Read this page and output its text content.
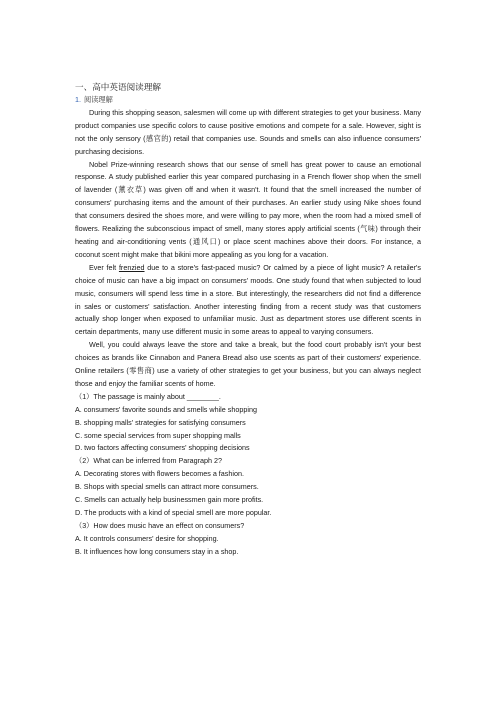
一、高中英语阅读理解
1. 阅读理解

During this shopping season, salesmen will come up with different strategies to get your business. Many product companies use specific colors to cause positive emotions and compete for a sale. However, sight is not the only sensory (感官的) retail that companies use. Sounds and smells can also influence consumers' purchasing decisions.

Nobel Prize-winning research shows that our sense of smell has great power to cause an emotional response. A study published earlier this year compared purchasing in a French flower shop when the smell of lavender (薰衣草) was given off and when it wasn't. It found that the smell increased the number of consumers' purchasing items and the amount of their purchases. An earlier study using Nike shoes found that consumers desired the shoes more, and were willing to pay more, when the room had a mixed smell of flowers. Realizing the subconscious impact of smell, many stores apply artificial scents (气味) through their heating and air-conditioning vents (通风口) or place scent machines above their doors. For instance, a coconut scent might make that bikini more appealing as you long for a vacation.

Ever felt frenzied due to a store's fast-paced music? Or calmed by a piece of light music? A retailer's choice of music can have a big impact on consumers' moods. One study found that when subjected to loud music, consumers will spend less time in a store. But interestingly, the researchers did not find a difference in sales or customers' satisfaction. Another interesting finding from a recent study was that customers actually shop longer when exposed to unfamiliar music. Just as department stores use different scents in certain departments, many use different music in some areas to appeal to varying consumers.

Well, you could always leave the store and take a break, but the food court probably isn't your best choices as brands like Cinnabon and Panera Bread also use scents as part of their customers' experience. Online retailers (零售商) use a variety of other strategies to get your business, but you can always neglect those and enjoy the familiar scents of home.

（1）The passage is mainly about ________.
A. consumers' favorite sounds and smells while shopping
B. shopping malls' strategies for satisfying consumers
C. some special services from super shopping malls
D. two factors affecting consumers' shopping decisions
（2）What can be inferred from Paragraph 2?
A. Decorating stores with flowers becomes a fashion.
B. Shops with special smells can attract more consumers.
C. Smells can actually help businessmen gain more profits.
D. The products with a kind of special smell are more popular.
（3）How does music have an effect on consumers?
A. It controls consumers' desire for shopping.
B. It influences how long consumers stay in a shop.
